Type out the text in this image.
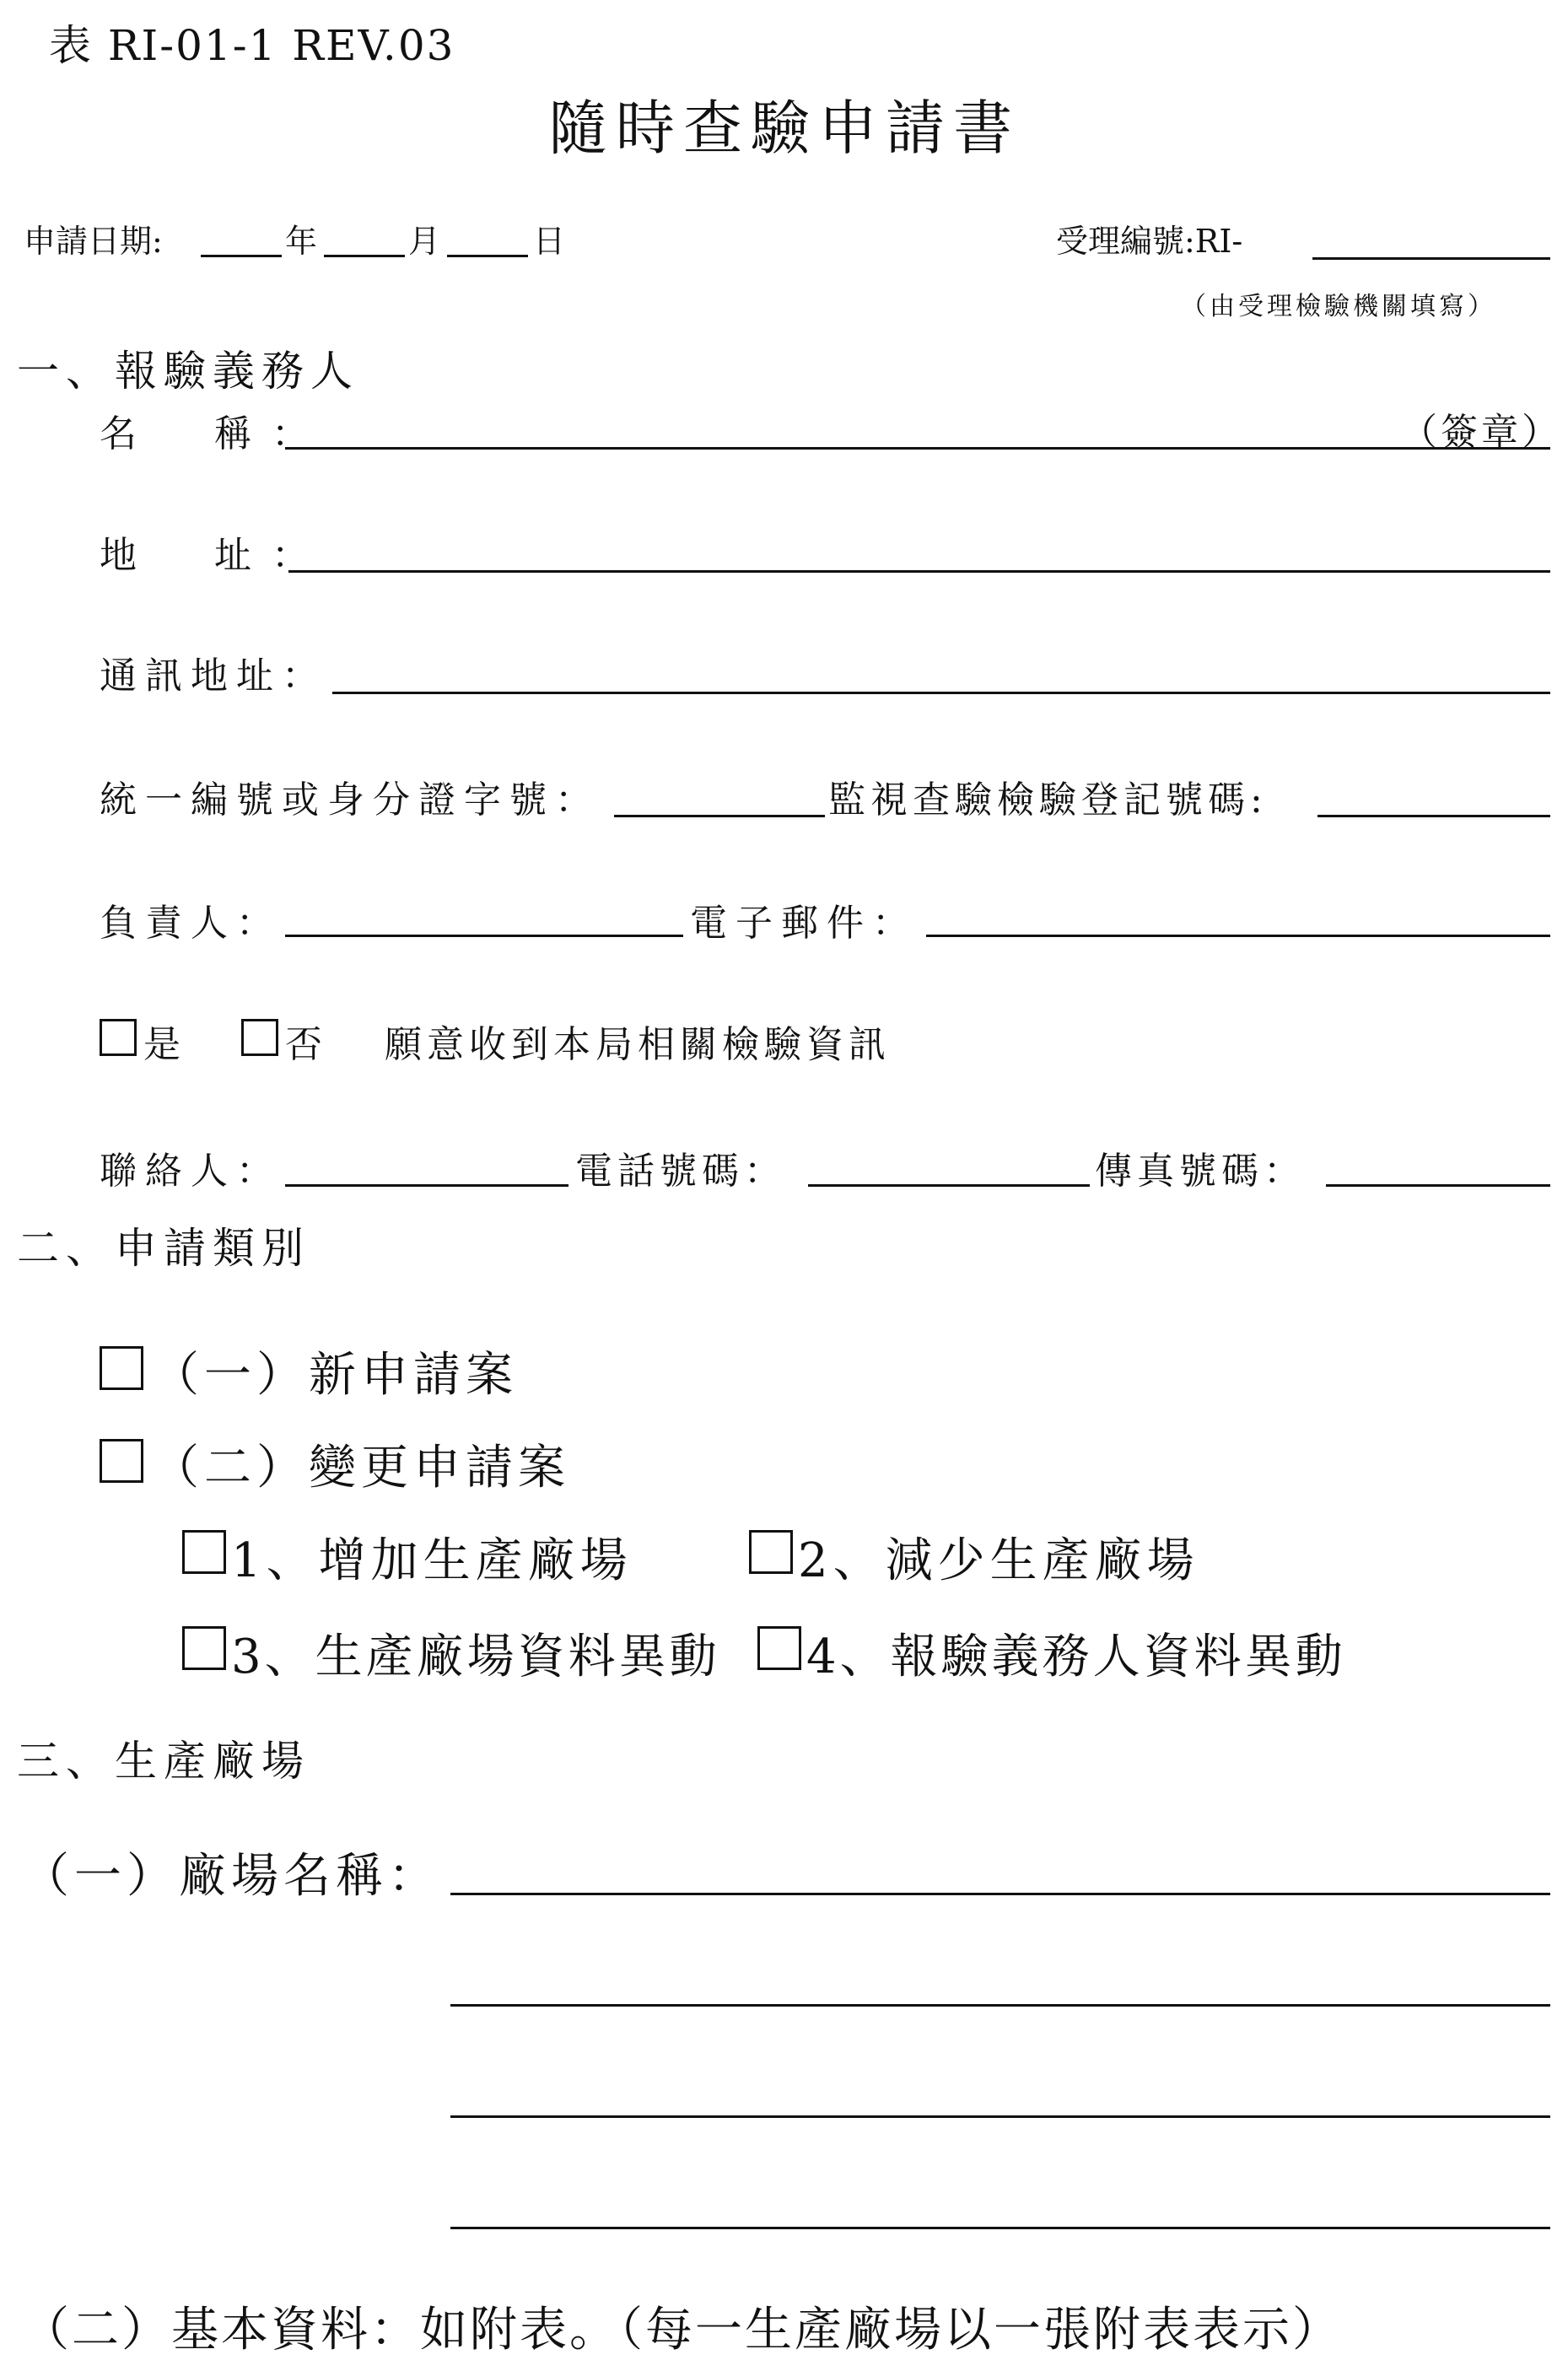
表 RI-01-1 REV.03
隨時查驗申請書
申請日期:	年	月	日	受理編號:RI-
（由受理檢驗機關填寫）
一、報驗義務人
名　稱：	（簽章）
地　址：
通訊地址：
統一編號或身分證字號：	監視查驗檢驗登記號碼:
負責人：	電子郵件：
是	否 願意收到本局相關檢驗資訊
聯絡人：	電話號碼：	傳真號碼：
二、申請類別
（一）新申請案
（二）變更申請案
1、增加生產廠場	2、減少生產廠場
3、生產廠場資料異動 4、報驗義務人資料異動
三、生產廠場
（一）廠場名稱：
（二）基本資料：如附表。（每一生產廠場以一張附表表示）
